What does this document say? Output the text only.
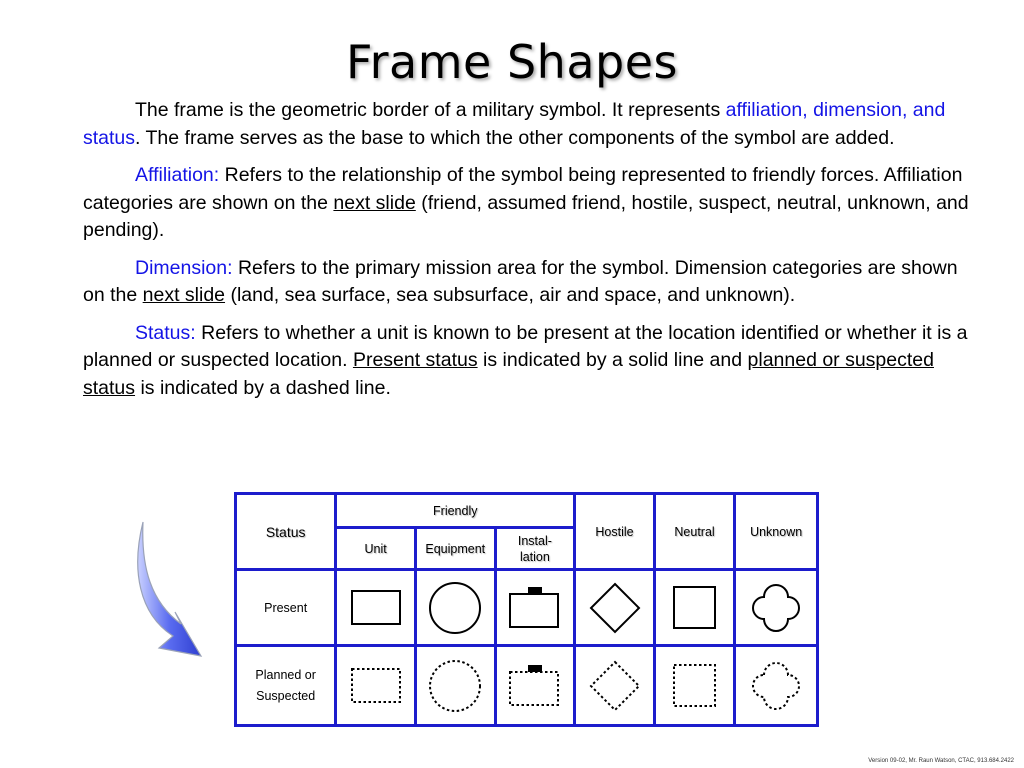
Frame Shapes

The frame is the geometric border of a military symbol. It represents affiliation, dimension, and status. The frame serves as the base to which the other components of the symbol are added.

Affiliation: Refers to the relationship of the symbol being represented to friendly forces. Affiliation categories are shown on the next slide (friend, assumed friend, hostile, suspect, neutral, unknown, and pending).

Dimension: Refers to the primary mission area for the symbol. Dimension categories are shown on the next slide (land, sea surface, sea subsurface, air and space, and unknown).

Status: Refers to whether a unit is known to be present at the location identified or whether it is a planned or suspected location. Present status is indicated by a solid line and planned or suspected status is indicated by a dashed line.

Status	Friendly			Hostile	Neutral	Unknown
	Unit	Equipment	Instal-
lation			
Present	

Planned or
Suspected	

Version 09-02, Mr. Raun Watson, CTAC, 913.684.2422
